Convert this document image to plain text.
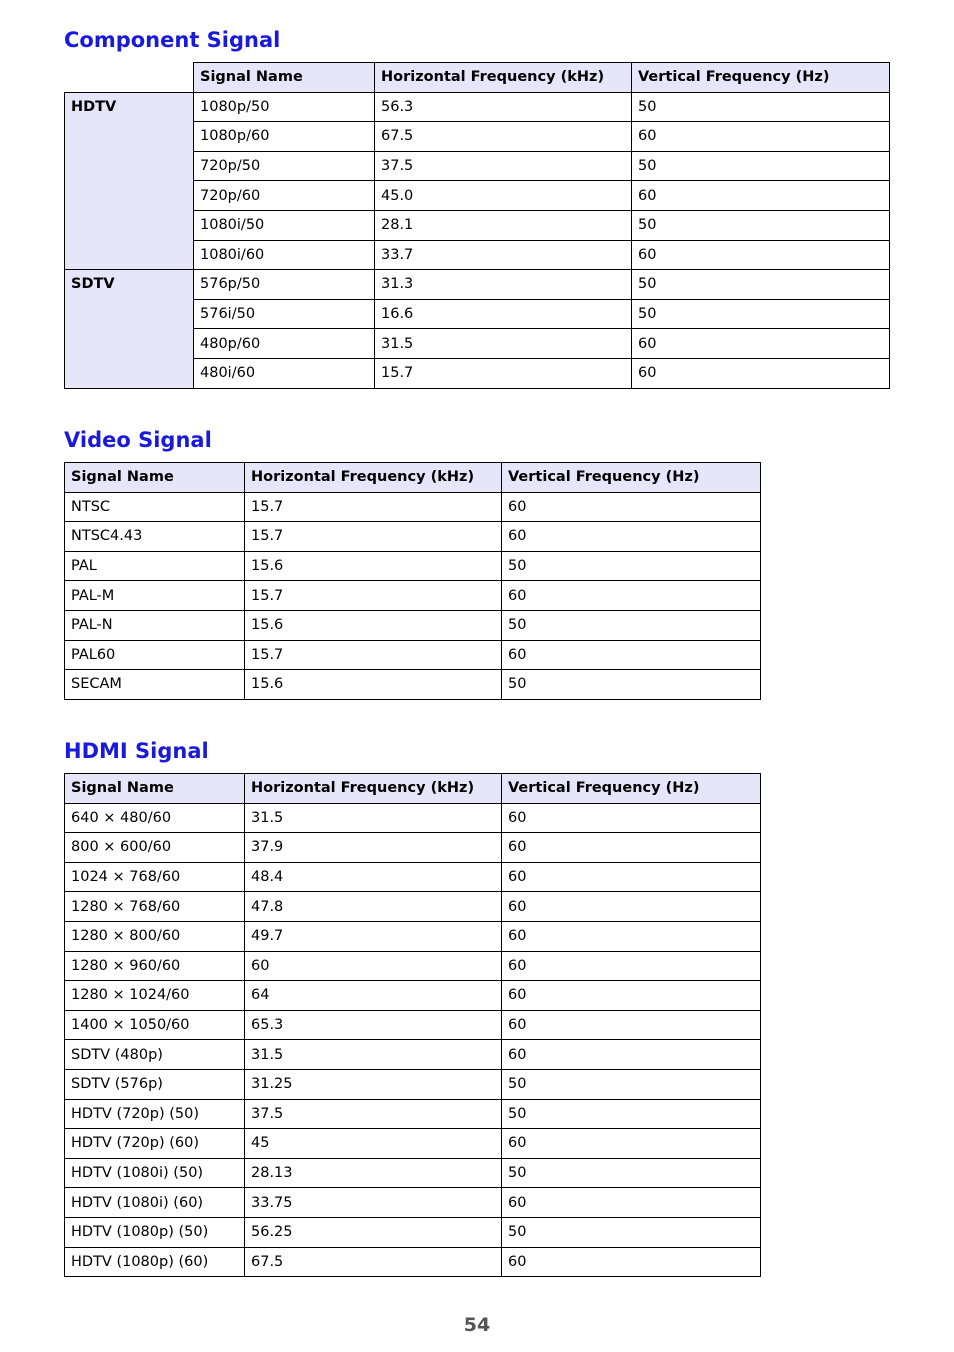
Component Signal
	Signal Name	Horizontal Frequency (kHz)	Vertical Frequency (Hz)
HDTV	1080p/50	56.3	50
	1080p/60	67.5	60
	720p/50	37.5	50
	720p/60	45.0	60
	1080i/50	28.1	50
	1080i/60	33.7	60
SDTV	576p/50	31.3	50
	576i/50	16.6	50
	480p/60	31.5	60
	480i/60	15.7	60
Video Signal
Signal Name	Horizontal Frequency (kHz)	Vertical Frequency (Hz)
NTSC	15.7	60
NTSC4.43	15.7	60
PAL	15.6	50
PAL-M	15.7	60
PAL-N	15.6	50
PAL60	15.7	60
SECAM	15.6	50
HDMI Signal
Signal Name	Horizontal Frequency (kHz)	Vertical Frequency (Hz)
640 × 480/60	31.5	60
800 × 600/60	37.9	60
1024 × 768/60	48.4	60
1280 × 768/60	47.8	60
1280 × 800/60	49.7	60
1280 × 960/60	60	60
1280 × 1024/60	64	60
1400 × 1050/60	65.3	60
SDTV (480p)	31.5	60
SDTV (576p)	31.25	50
HDTV (720p) (50)	37.5	50
HDTV (720p) (60)	45	60
HDTV (1080i) (50)	28.13	50
HDTV (1080i) (60)	33.75	60
HDTV (1080p) (50)	56.25	50
HDTV (1080p) (60)	67.5	60
54
